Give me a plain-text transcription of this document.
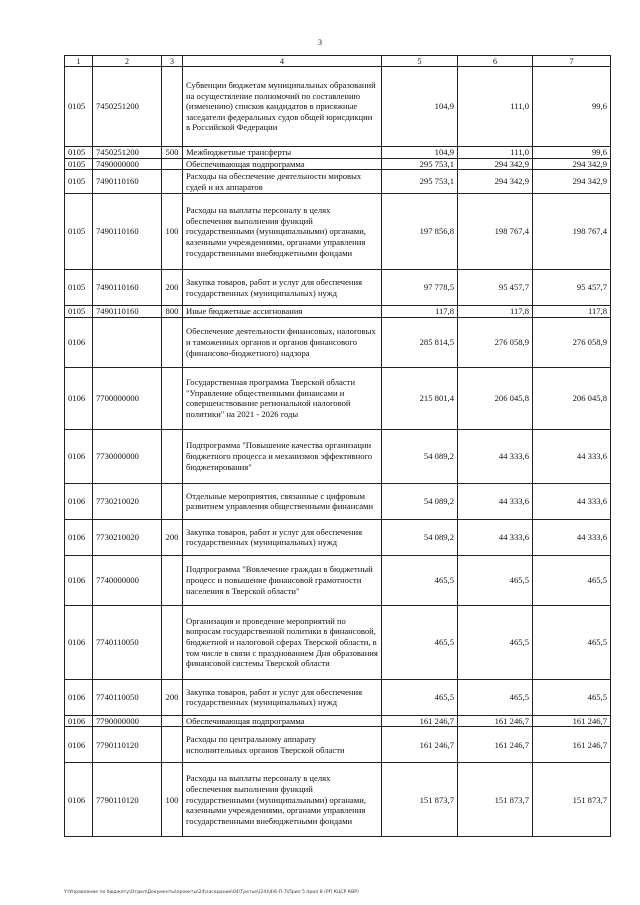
3
1	2	3	4	5	6	7
0105	7450251200		Субвенции бюджетам муниципальных образований на осуществление полномочий по составлению (изменению) списков кандидатов в присяжные заседатели федеральных судов общей юрисдикции в Российской Федерации	104,9	111,0	99,6
0105	7450251200	500	Межбюджетные трансферты	104,9	111,0	99,6
0105	7490000000		Обеспечивающая подпрограмма	295 753,1	294 342,9	294 342,9
0105	7490110160		Расходы на обеспечение деятельности мировых судей и их аппаратов	295 753,1	294 342,9	294 342,9
0105	7490110160	100	Расходы на выплаты персоналу в целях обеспечения выполнения функций государственными (муниципальными) органами, казенными учреждениями, органами управления государственными внебюджетными фондами	197 856,8	198 767,4	198 767,4
0105	7490110160	200	Закупка товаров, работ и услуг для обеспечения государственных (муниципальных) нужд	97 778,5	95 457,7	95 457,7
0105	7490110160	800	Иные бюджетные ассигнования	117,8	117,8	117,8
0106			Обеспечение деятельности финансовых, налоговых и таможенных органов и органов финансового (финансово-бюджетного) надзора	285 814,5	276 058,9	276 058,9
0106	7700000000		Государственная программа Тверской области "Управление общественными финансами и совершенствование региональной налоговой политики" на 2021 - 2026 годы	215 801,4	206 045,8	206 045,8
0106	7730000000		Подпрограмма "Повышение качества организации бюджетного процесса и механизмов эффективного бюджетирования"	54 089,2	44 333,6	44 333,6
0106	7730210020		Отдельные мероприятия, связанные с цифровым развитием управления общественными финансами	54 089,2	44 333,6	44 333,6
0106	7730210020	200	Закупка товаров, работ и услуг для обеспечения государственных (муниципальных) нужд	54 089,2	44 333,6	44 333,6
0106	7740000000		Подпрограмма "Вовлечение граждан в бюджетный процесс и повышение финансовой грамотности населения в Тверской области"	465,5	465,5	465,5
0106	7740110050		Организация и проведение мероприятий по вопросам государственной политики в финансовой, бюджетной и налоговой сферах Тверской области, в том числе в связи с празднованием Дня образования финансовой системы Тверской области	465,5	465,5	465,5
0106	7740110050	200	Закупка товаров, работ и услуг для обеспечения государственных (муниципальных) нужд	465,5	465,5	465,5
0106	7790000000		Обеспечивающая подпрограмма	161 246,7	161 246,7	161 246,7
0106	7790110120		Расходы по центральному аппарату исполнительных органов Тверской области	161 246,7	161 246,7	161 246,7
0106	7790110120	100	Расходы на выплаты персоналу в целях обеспечения выполнения функций государственными (муниципальными) органами, казенными учреждениями, органами управления государственными внебюджетными фондами	151 873,7	151 873,7	151 873,7
Y:\Управление по бюджету\Отдел\Документы\проекты\24\заседание\04\Третье\(24)\4\6-П-7\Прил 5 прил 8 (РП КЦСР КВР)
